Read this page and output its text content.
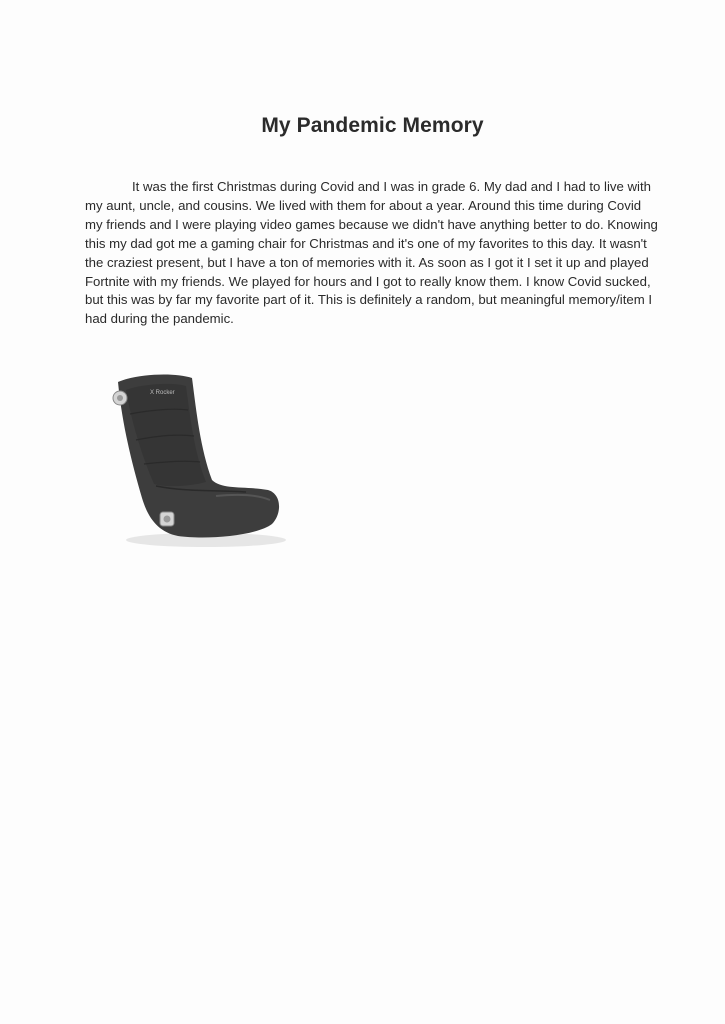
My Pandemic Memory

It was the first Christmas during Covid and I was in grade 6. My dad and I had to live with my aunt, uncle, and cousins. We lived with them for about a year. Around this time during Covid my friends and I were playing video games because we didn't have anything better to do. Knowing this my dad got me a gaming chair for Christmas and it's one of my favorites to this day. It wasn't the craziest present, but I have a ton of memories with it. As soon as I got it I set it up and played Fortnite with my friends. We played for hours and I got to really know them. I know Covid sucked, but this was by far my favorite part of it. This is definitely a random, but meaningful memory/item I had during the pandemic.

X Rocker
